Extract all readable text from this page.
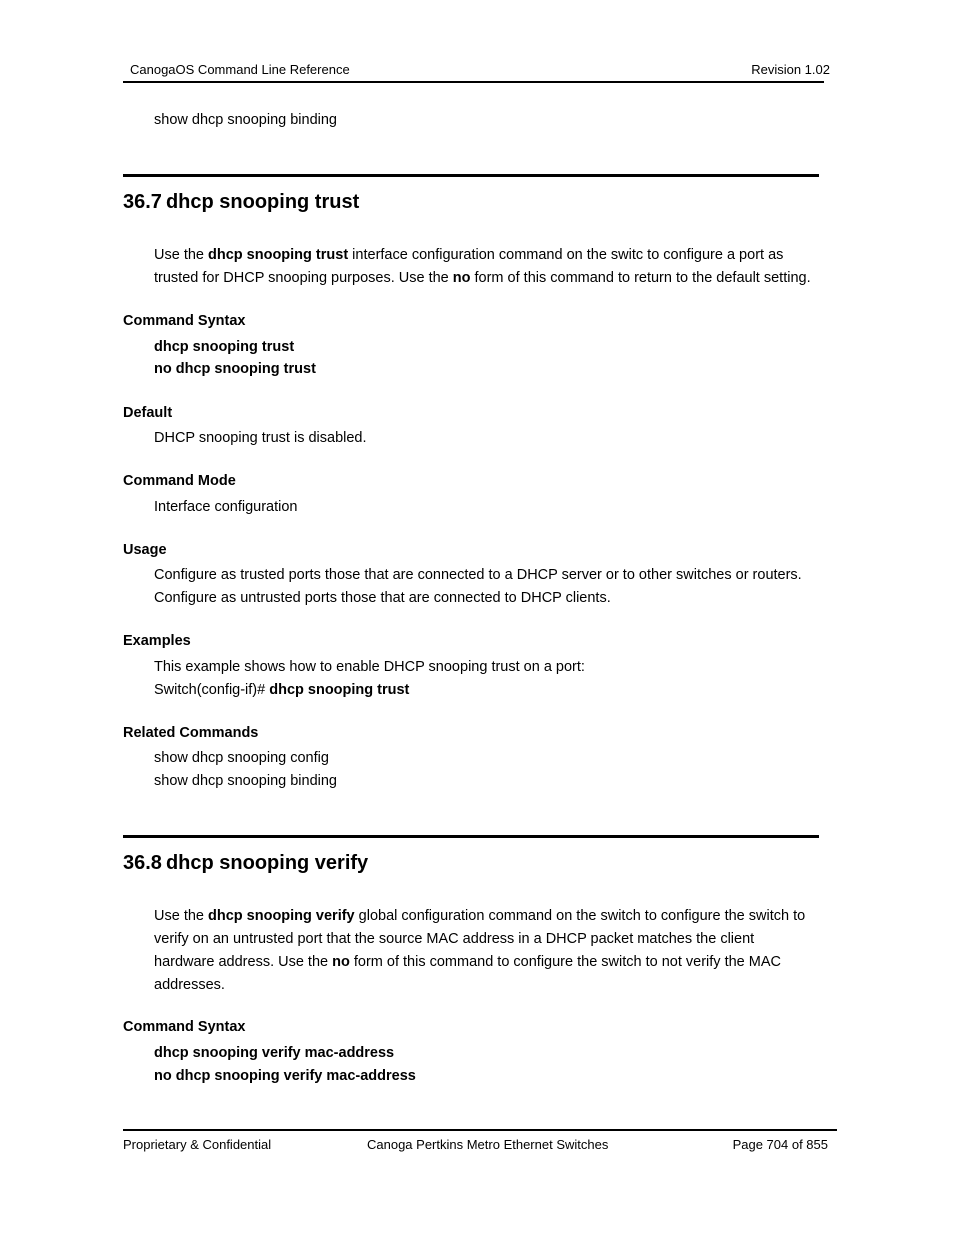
CanogaOS Command Line Reference	Revision 1.02
show dhcp snooping binding
36.7 dhcp snooping trust
Use the dhcp snooping trust interface configuration command on the switc to configure a port as
trusted for DHCP snooping purposes. Use the no form of this command to return to the default setting.
Command Syntax
dhcp snooping trust
no dhcp snooping trust
Default
DHCP snooping trust is disabled.
Command Mode
Interface configuration
Usage
Configure as trusted ports those that are connected to a DHCP server or to other switches or routers.
Configure as untrusted ports those that are connected to DHCP clients.
Examples
This example shows how to enable DHCP snooping trust on a port:
Switch(config-if)# dhcp snooping trust
Related Commands
show dhcp snooping config
show dhcp snooping binding
36.8 dhcp snooping verify
Use the dhcp snooping verify global configuration command on the switch to configure the switch to
verify on an untrusted port that the source MAC address in a DHCP packet matches the client
hardware address. Use the no form of this command to configure the switch to not verify the MAC
addresses.
Command Syntax
dhcp snooping verify mac-address
no dhcp snooping verify mac-address
Proprietary & Confidential	Canoga Pertkins Metro Ethernet Switches	Page 704 of 855
